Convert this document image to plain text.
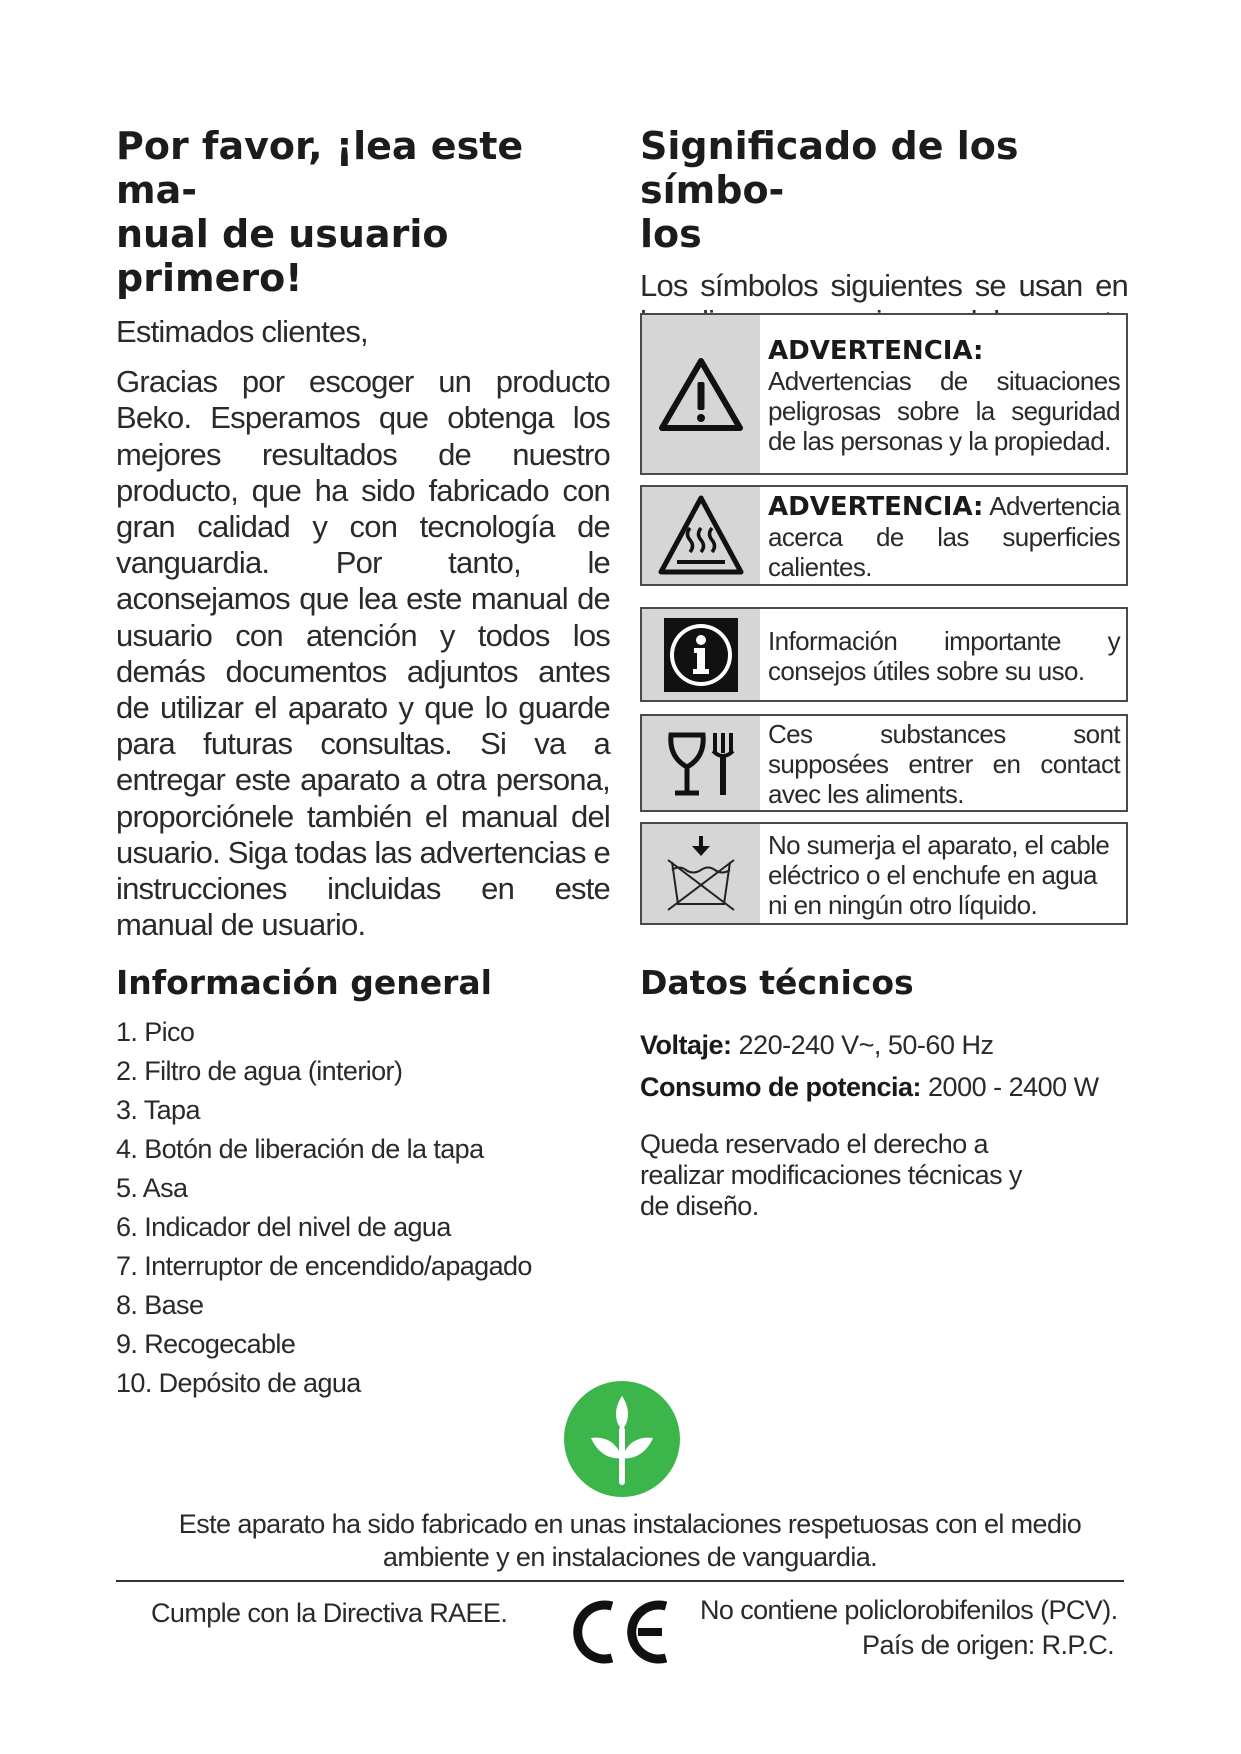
Por favor, ¡lea este ma-
nual de usuario primero!

Estimados clientes,

Gracias por escoger un producto Beko. Esperamos que obtenga los mejores resultados de nuestro producto, que ha sido fabricado con gran calidad y con tecnología de vanguardia. Por tanto, le aconsejamos que lea este manual de usuario con atención y todos los demás documentos adjuntos antes de utilizar el aparato y que lo guarde para futuras consultas. Si va a entregar este aparato a otra persona, proporciónele también el manual del usuario. Siga todas las advertencias e instrucciones incluidas en este manual de usuario.

Significado de los símbo-
los

Los símbolos siguientes se usan en

ADVERTENCIA: Advertencias de situaciones peligrosas sobre la seguridad de las personas y la propiedad.
ADVERTENCIA: Advertencia acerca de las superficies calientes.
Información importante y consejos útiles sobre su uso.
Ces substances sont supposées entrer en contact avec les aliments.
No sumerja el aparato, el cable eléctrico o el enchufe en agua ni en ningún otro líquido.
Información general
1. Pico
2. Filtro de agua (interior)
3. Tapa
4. Botón de liberación de la tapa
5. Asa
6. Indicador del nivel de agua
7. Interruptor de encendido/apagado
8. Base
9. Recogecable
10. Depósito de agua
Datos técnicos
Voltaje: 220-240 V~, 50-60 Hz
Consumo de potencia: 2000 - 2400 W

Queda reservado el derecho a realizar modificaciones técnicas y de diseño.

Este aparato ha sido fabricado en unas instalaciones respetuosas con el medio ambiente y en instalaciones de vanguardia.
Cumple con la Directiva RAEE.	No contiene policlorobifenilos (PCV).
País de origen: R.P.C.
